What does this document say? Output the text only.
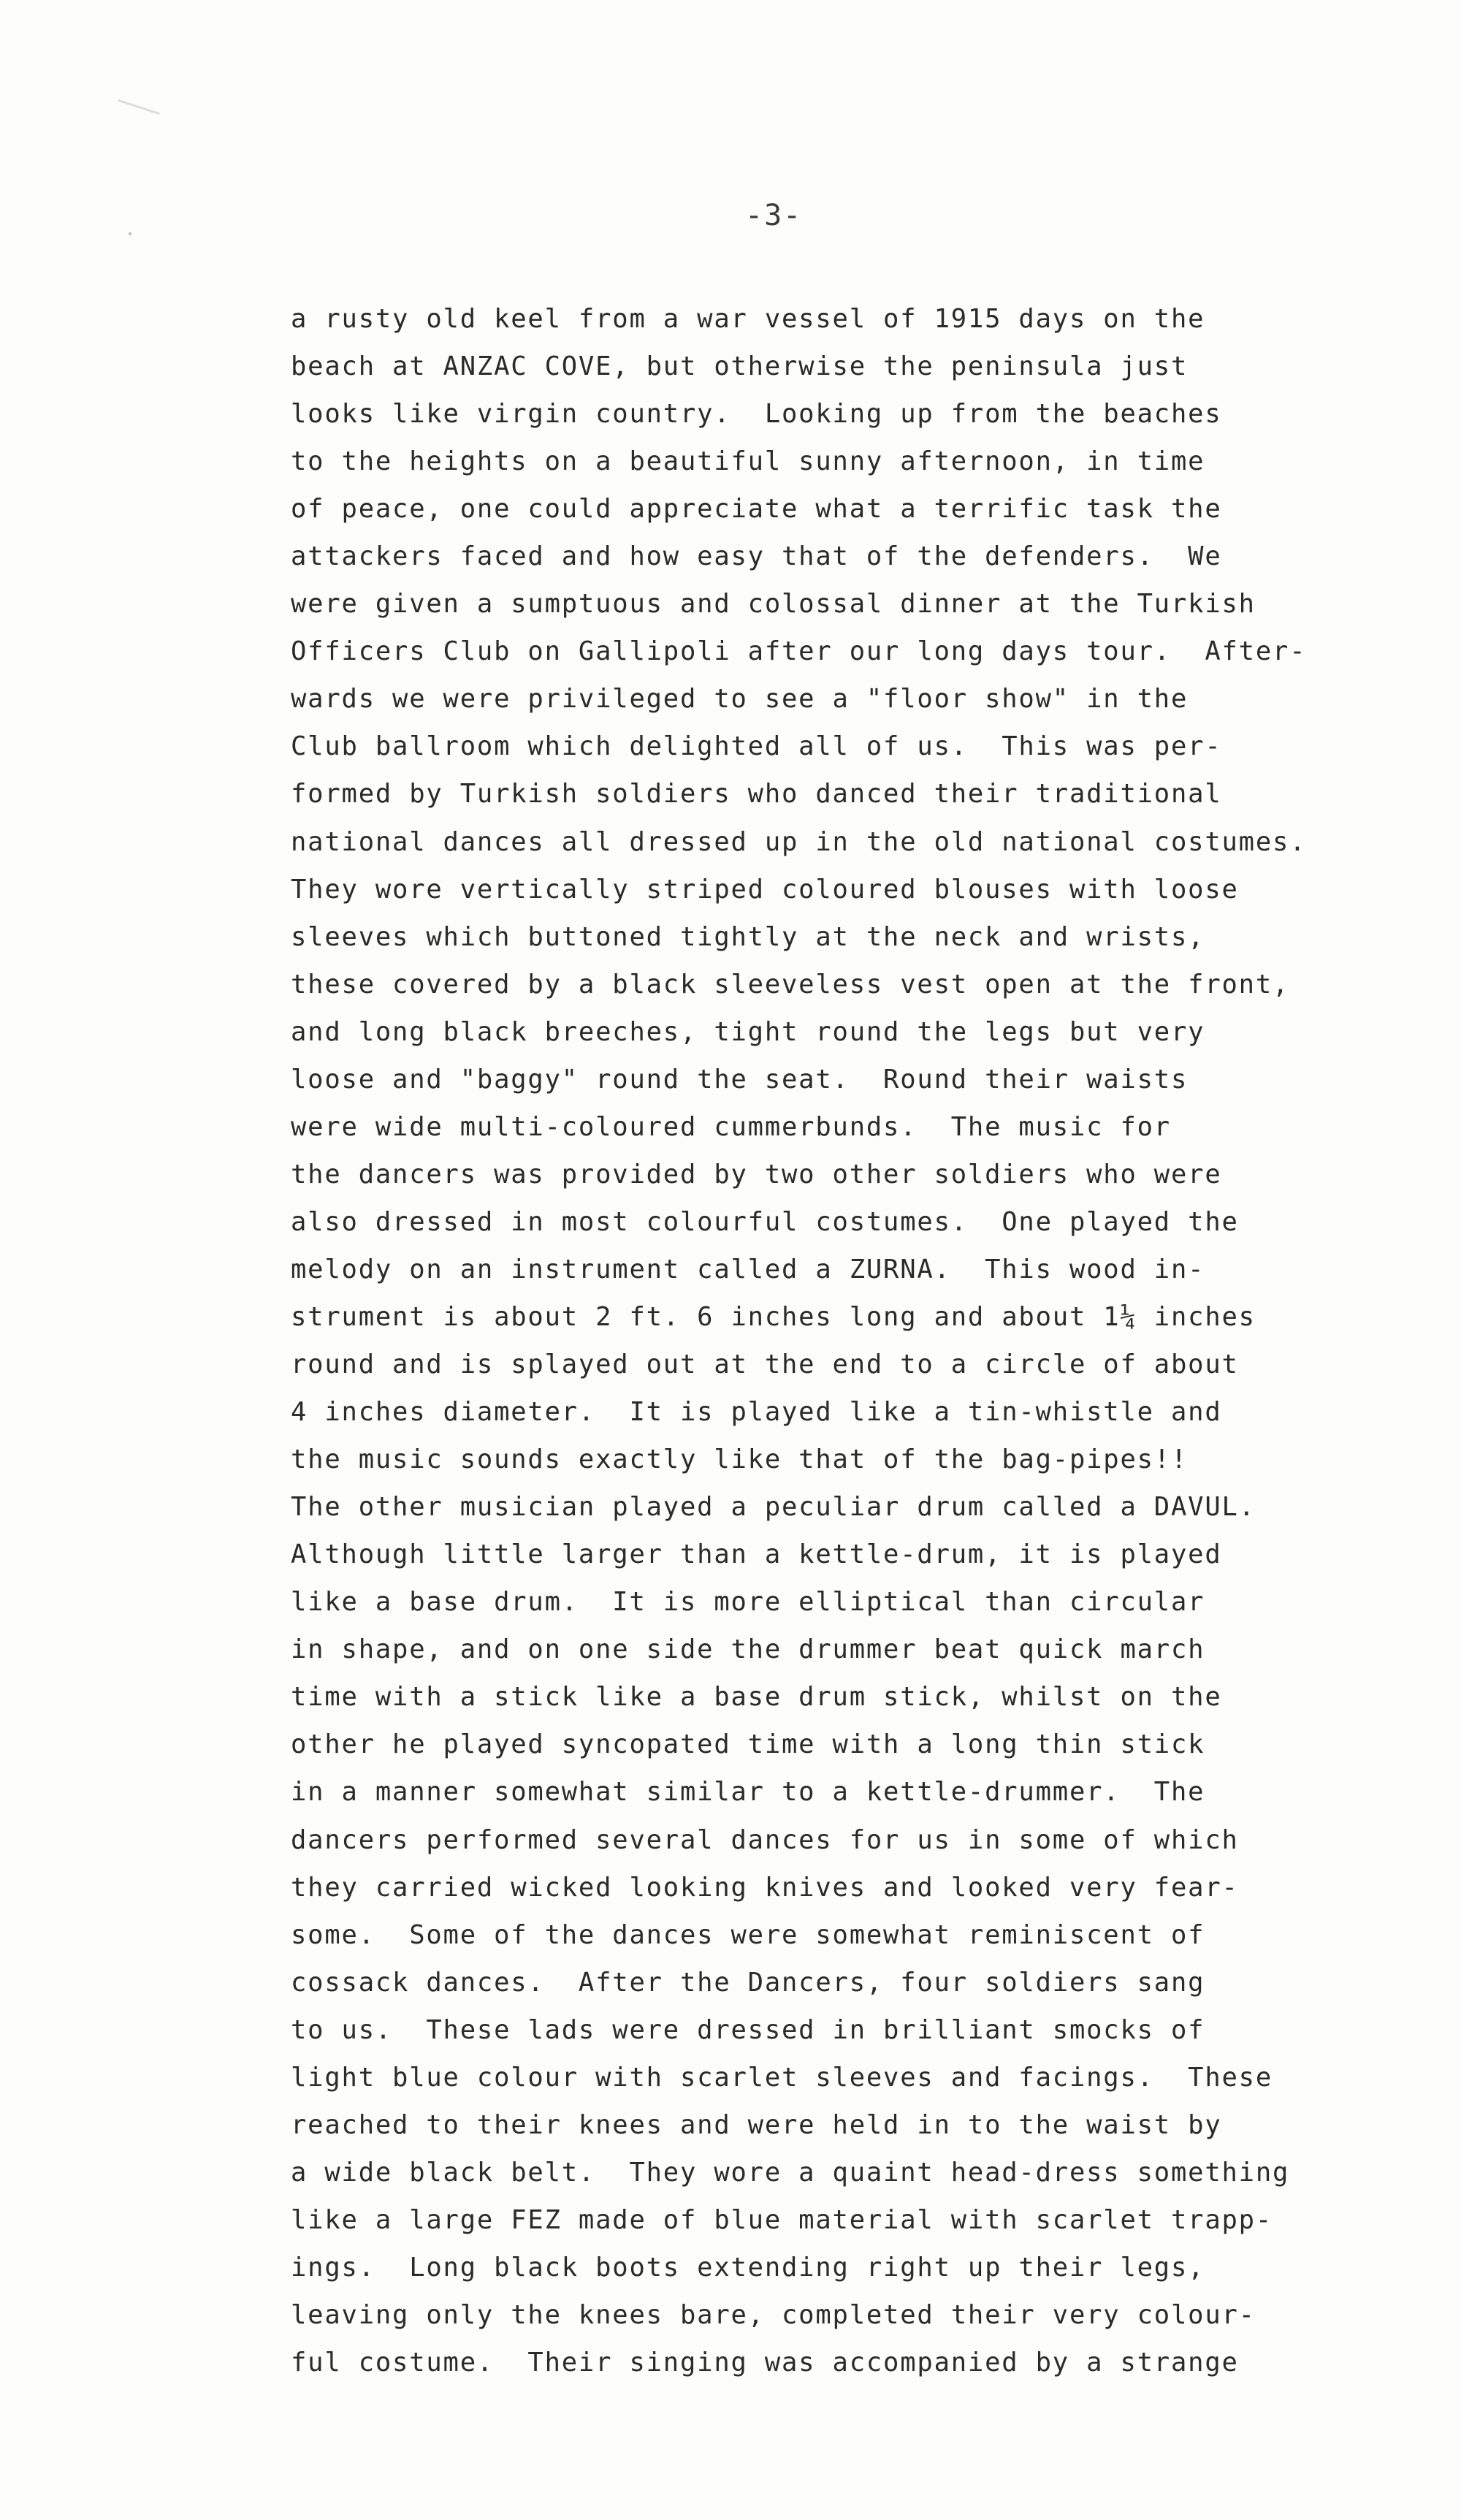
-3-
a rusty old keel from a war vessel of 1915 days on the
beach at ANZAC COVE, but otherwise the peninsula just
looks like virgin country.  Looking up from the beaches
to the heights on a beautiful sunny afternoon, in time
of peace, one could appreciate what a terrific task the
attackers faced and how easy that of the defenders.  We
were given a sumptuous and colossal dinner at the Turkish
Officers Club on Gallipoli after our long days tour.  After-
wards we were privileged to see a "floor show" in the
Club ballroom which delighted all of us.  This was per-
formed by Turkish soldiers who danced their traditional
national dances all dressed up in the old national costumes.
They wore vertically striped coloured blouses with loose
sleeves which buttoned tightly at the neck and wrists,
these covered by a black sleeveless vest open at the front,
and long black breeches, tight round the legs but very
loose and "baggy" round the seat.  Round their waists
were wide multi-coloured cummerbunds.  The music for
the dancers was provided by two other soldiers who were
also dressed in most colourful costumes.  One played the
melody on an instrument called a ZURNA.  This wood in-
strument is about 2 ft. 6 inches long and about 1¼ inches
round and is splayed out at the end to a circle of about
4 inches diameter.  It is played like a tin-whistle and
the music sounds exactly like that of the bag-pipes!!
The other musician played a peculiar drum called a DAVUL.
Although little larger than a kettle-drum, it is played
like a base drum.  It is more elliptical than circular
in shape, and on one side the drummer beat quick march
time with a stick like a base drum stick, whilst on the
other he played syncopated time with a long thin stick
in a manner somewhat similar to a kettle-drummer.  The
dancers performed several dances for us in some of which
they carried wicked looking knives and looked very fear-
some.  Some of the dances were somewhat reminiscent of
cossack dances.  After the Dancers, four soldiers sang
to us.  These lads were dressed in brilliant smocks of
light blue colour with scarlet sleeves and facings.  These
reached to their knees and were held in to the waist by
a wide black belt.  They wore a quaint head-dress something
like a large FEZ made of blue material with scarlet trapp-
ings.  Long black boots extending right up their legs,
leaving only the knees bare, completed their very colour-
ful costume.  Their singing was accompanied by a strange
